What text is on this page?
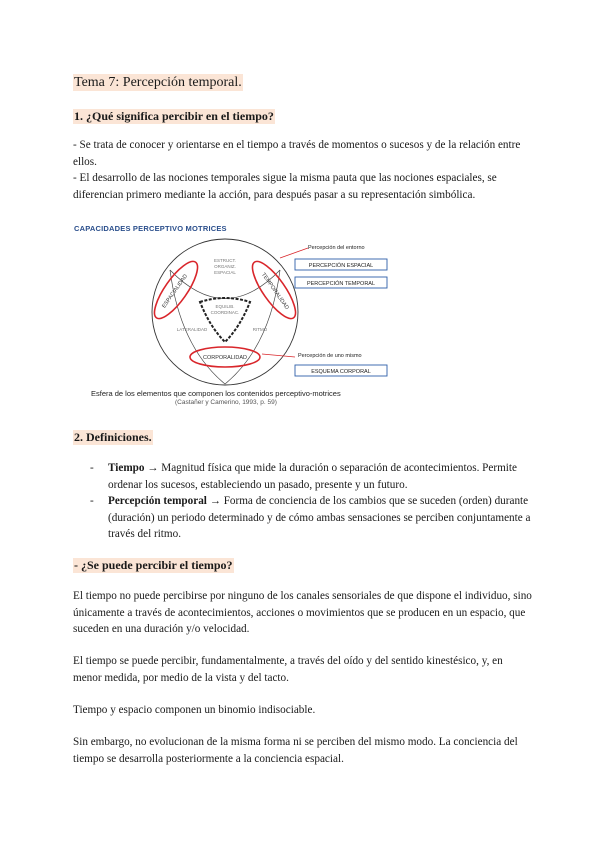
Tema 7: Percepción temporal.
1. ¿Qué significa percibir en el tiempo?
- Se trata de conocer y orientarse en el tiempo a través de momentos o sucesos y de la relación entre ellos.
- El desarrollo de las nociones temporales sigue la misma pauta que las nociones espaciales, se diferencian primero mediante la acción, para después pasar a su representación simbólica.
CAPACIDADES PERCEPTIVO MOTRICES
ESPACIALIDAD	TEMPORALIDAD
CORPORALIDAD
ESTRUCT.
ORGANIZ.
ESPACIAL
LATERALIDAD	RITMO
EQUILIB.
COORDINAC.
Percepción del entorno
PERCEPCIÓN ESPACIAL
PERCEPCIÓN TEMPORAL
Percepción de uno mismo
ESQUEMA CORPORAL
Esfera de los elementos que componen los contenidos perceptivo-motrices
(Castañer y Camerino, 1993, p. 59)
2. Definiciones.
- Tiempo → Magnitud física que mide la duración o separación de acontecimientos. Permite ordenar los sucesos, estableciendo un pasado, presente y un futuro.
- Percepción temporal → Forma de conciencia de los cambios que se suceden (orden) durante (duración) un periodo determinado y de cómo ambas sensaciones se perciben conjuntamente a través del ritmo.
- ¿Se puede percibir el tiempo?
El tiempo no puede percibirse por ninguno de los canales sensoriales de que dispone el individuo, sino únicamente a través de acontecimientos, acciones o movimientos que se producen en un espacio, que suceden en una duración y/o velocidad.
El tiempo se puede percibir, fundamentalmente, a través del oído y del sentido kinestésico, y, en menor medida, por medio de la vista y del tacto.
Tiempo y espacio componen un binomio indisociable.
Sin embargo, no evolucionan de la misma forma ni se perciben del mismo modo. La conciencia del tiempo se desarrolla posteriormente a la conciencia espacial.
